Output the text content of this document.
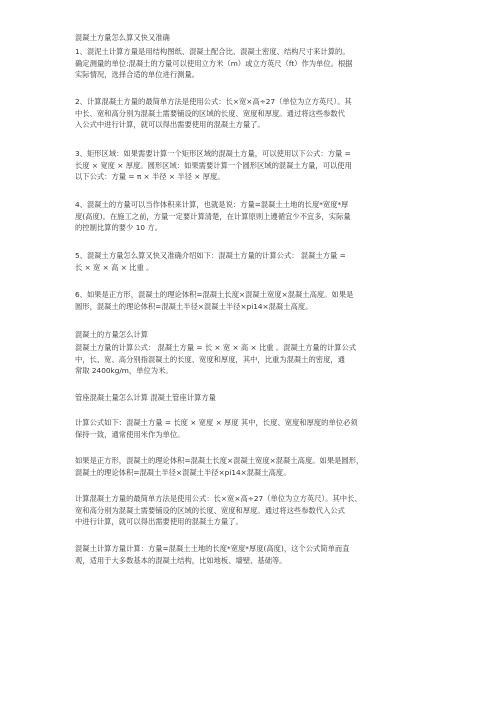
混凝土方量怎么算又快又准确
1、混泥土计算方量是用结构图纸、混凝土配合比、混凝土密度、结构尺寸来计算的。
确定测量的单位:混凝土的方量可以使用立方米（m）或立方英尺（ft）作为单位。根据
实际情况，选择合适的单位进行测量。
2、计算混凝土方量的最简单方法是使用公式：长×宽×高÷27（单位为立方英尺）。其
中长、宽和高分别为混凝土需要铺设的区域的长度、宽度和厚度。通过将这些参数代
入公式中进行计算，就可以得出需要使用的混凝土方量了。
3、矩形区域：如果需要计算一个矩形区域的混凝土方量，可以使用以下公式：方量 =
长度 × 宽度 × 厚度。圆形区域：如果需要计算一个圆形区域的混凝土方量，可以使用
以下公式：方量 = π × 半径 × 半径 × 厚度。
4、混凝土的方量可以当作体积来计算，也就是说：方量=混凝土土地的长度*宽度*厚
度(高度)。在施工之前，方量一定要计算清楚，在计算原则上遵循宜少不宜多，实际量
的控制比算的要少 10 方。
5、混凝土方量怎么算又快又准确介绍如下：混凝土方量的计算公式： 混凝土方量 =
长 × 宽 × 高 × 比重 。
6、如果是正方形，混凝土的理论体积=混凝土长度×混凝土宽度×混凝土高度。如果是
圆形，混凝土的理论体积=混凝土半径×混凝土半径×pi14×混凝土高度。
混凝土的方量怎么计算
混凝土方量的计算公式： 混凝土方量 = 长 × 宽 × 高 × 比重 。混凝土方量的计算公式
中，长、宽、高分别指混凝土的长度、宽度和厚度，其中，比重为混凝土的密度，通
常取 2400kg/m，单位为米。
管座混凝土量怎么计算 混凝土管座计算方量
计算公式如下：混凝土方量 = 长度 × 宽度 × 厚度 其中，长度、宽度和厚度的单位必须
保持一致，通常使用米作为单位。
如果是正方形，混凝土的理论体积=混凝土长度×混凝土宽度×混凝土高度。如果是圆形，
混凝土的理论体积=混凝土半径×混凝土半径×pi14×混凝土高度。
计算混凝土方量的最简单方法是使用公式：长×宽×高÷27（单位为立方英尺）。其中长、
宽和高分别为混凝土需要铺设的区域的长度、宽度和厚度。通过将这些参数代入公式
中进行计算，就可以得出需要使用的混凝土方量了。
混凝土计算方量计算：方量=混凝土土地的长度*宽度*厚度(高度)，这个公式简单而直
观，适用于大多数基本的混凝土结构，比如地板、墙壁、基础等。
